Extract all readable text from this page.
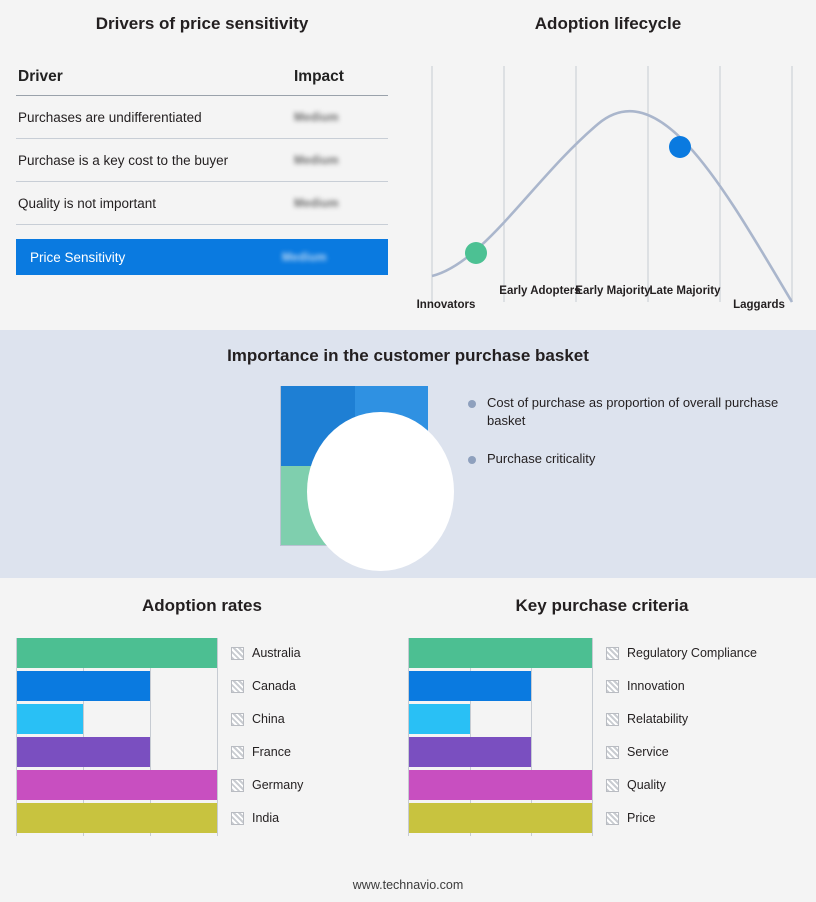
Drivers of price sensitivity
Driver	Impact
Purchases are undifferentiated	Medium
Purchase is a key cost to the buyer	Medium
Quality is not important	Medium
Price Sensitivity	Medium
Adoption lifecycle
Innovators
Early Adopters
Early Majority
Late Majority
Laggards
Importance in the customer purchase basket
Cost of purchase as proportion of overall purchase basket
Purchase criticality
Adoption rates
Australia
Canada
China
France
Germany
India
Key purchase criteria
Regulatory Compliance
Innovation
Relatability
Service
Quality
Price
www.technavio.com
